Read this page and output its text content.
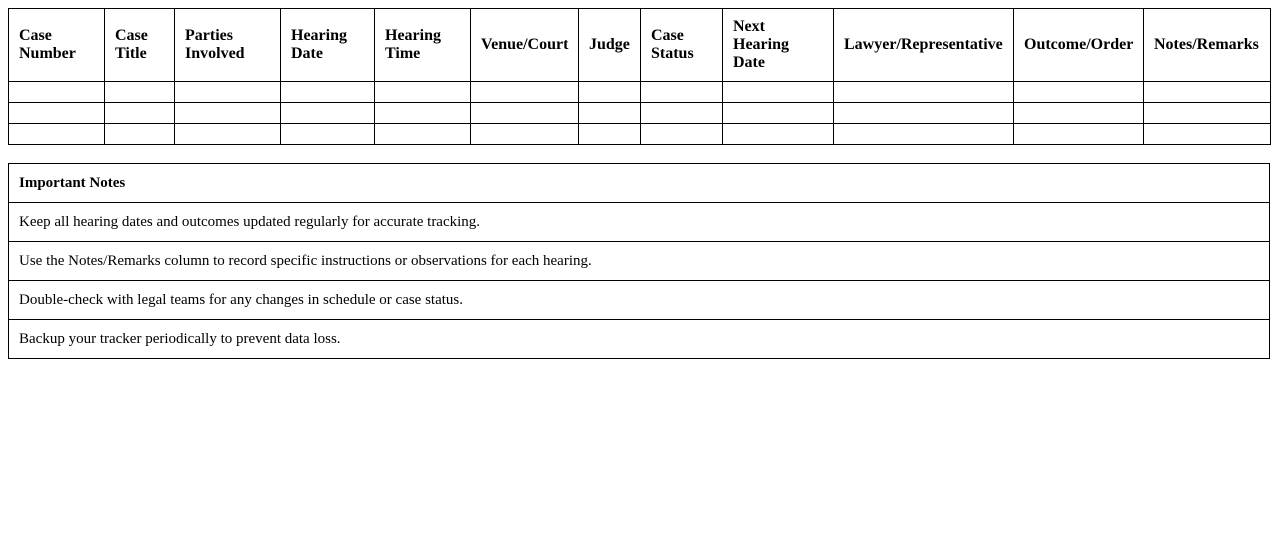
Case Number	Case Title	Parties Involved	Hearing Date	Hearing Time	Venue/Court	Judge	Case Status	Next Hearing Date	Lawyer/Representative	Outcome/Order	Notes/Remarks

Important Notes
Keep all hearing dates and outcomes updated regularly for accurate tracking.
Use the Notes/Remarks column to record specific instructions or observations for each hearing.
Double-check with legal teams for any changes in schedule or case status.
Backup your tracker periodically to prevent data loss.
